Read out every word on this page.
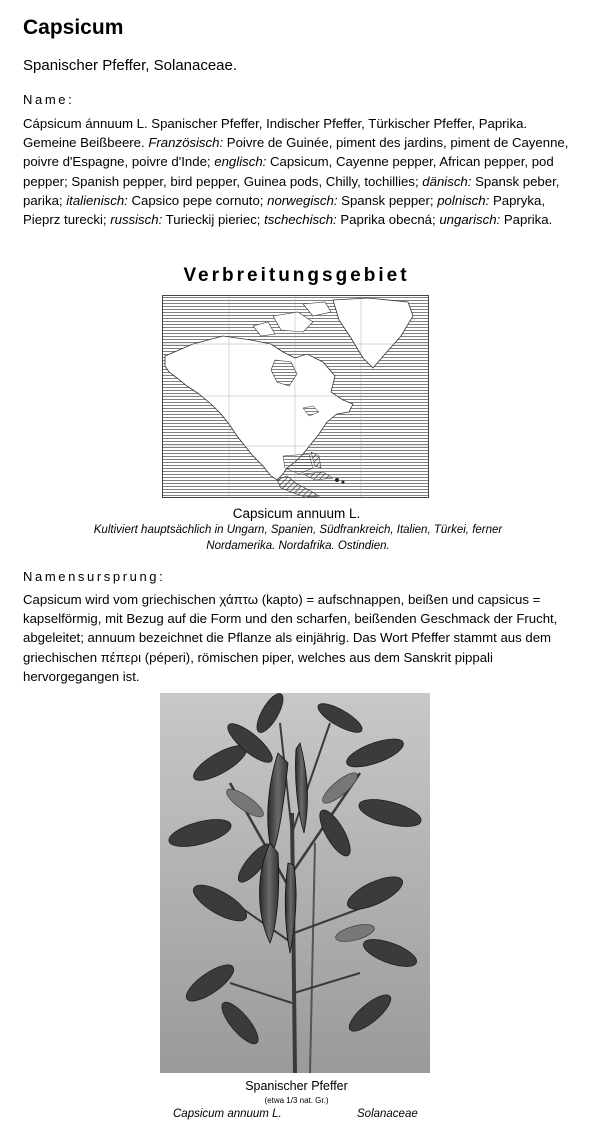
Capsicum
Spanischer Pfeffer, Solanaceae.
Name:
Cápsicum ánnuum L. Spanischer Pfeffer, Indischer Pfeffer, Türkischer Pfeffer, Paprika. Gemeine Beißbeere. Französisch: Poivre de Guinée, piment des jardins, piment de Cayenne, poivre d'Espagne, poivre d'Inde; englisch: Capsicum, Cayenne pepper, African pepper, pod pepper; Spanish pepper, bird pepper, Guinea pods, Chilly, tochillies; dänisch: Spansk peber, parika; italienisch: Capsico pepe cornuto; norwegisch: Spansk pepper; polnisch: Papryka, Pieprz turecki; russisch: Turieckij pieriec; tschechisch: Paprika obecná; ungarisch: Paprika.
Verbreitungsgebiet
Capsicum annuum L.
Kultiviert hauptsächlich in Ungarn, Spanien, Südfrankreich, Italien, Türkei, ferner Nordamerika. Nordafrika. Ostindien.
Namensursprung:
Capsicum wird vom griechischen χάπτω (kapto) = aufschnappen, beißen und capsicus = kapselförmig, mit Bezug auf die Form und den scharfen, beißenden Geschmack der Frucht, abgeleitet; annuum bezeichnet die Pflanze als einjährig. Das Wort Pfeffer stammt aus dem griechischen πέπερι (péperi), römischen piper, welches aus dem Sanskrit pippali hervorgegangen ist.
Spanischer Pfeffer
(etwa 1/3 nat. Gr.)
Capsicum annuum L.	Solanaceae
